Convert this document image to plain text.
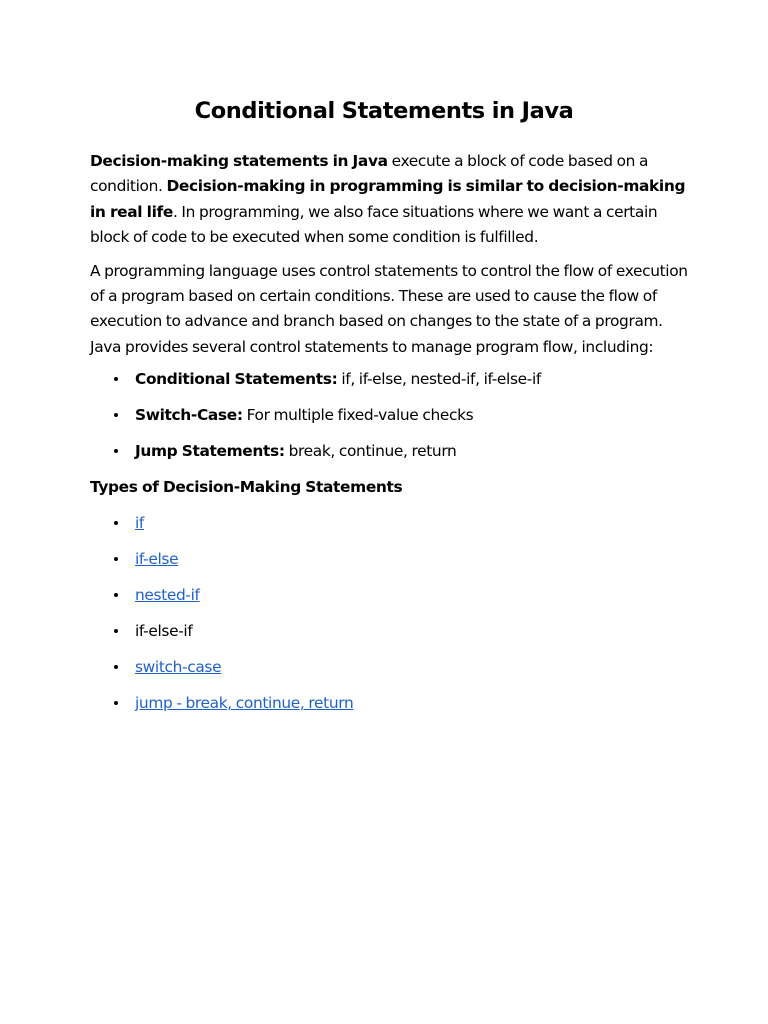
Conditional Statements in Java

Decision-making statements in Java execute a block of code based on a condition. Decision-making in programming is similar to decision-making in real life. In programming, we also face situations where we want a certain block of code to be executed when some condition is fulfilled.

A programming language uses control statements to control the flow of execution of a program based on certain conditions. These are used to cause the flow of execution to advance and branch based on changes to the state of a program. Java provides several control statements to manage program flow, including:

Conditional Statements: if, if-else, nested-if, if-else-if
Switch-Case: For multiple fixed-value checks
Jump Statements: break, continue, return

Types of Decision-Making Statements

if
if-else
nested-if
if-else-if
switch-case
jump - break, continue, return
